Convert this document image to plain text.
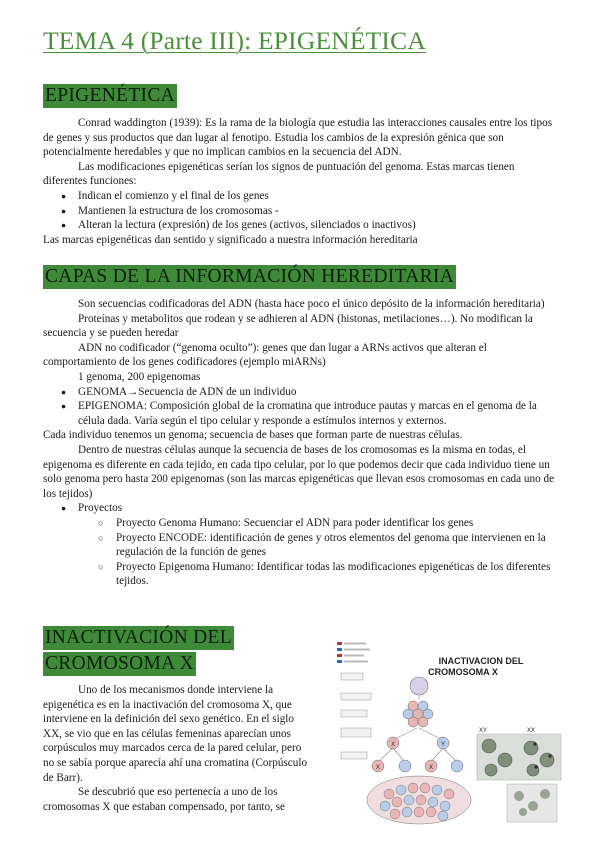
TEMA 4 (Parte III): EPIGENÉTICA
EPIGENÉTICA

Conrad waddington (1939): Es la rama de la biología que estudia las interacciones causales entre los tipos de genes y sus productos que dan lugar al fenotipo. Estudia los cambios de la expresión génica que son potencialmente heredables y que no implican cambios en la secuencia del ADN.

Las modificaciones epigenéticas serían los signos de puntuación del genoma. Estas marcas tienen diferentes funciones:

● Indican el comienzo y el final de los genes
● Mantienen la estructura de los cromosomas -
● Alteran la lectura (expresión) de los genes (activos, silenciados o inactivos)

Las marcas epigenéticas dan sentido y significado a nuestra información hereditaria

CAPAS DE LA INFORMACIÓN HEREDITARIA

Son secuencias codificadoras del ADN (hasta hace poco el único depósito de la información hereditaria)

Proteínas y metabolitos que rodean y se adhieren al ADN (histonas, metilaciones…). No modifican la secuencia y se pueden heredar

ADN no codificador (“genoma oculto”): genes que dan lugar a ARNs activos que alteran el comportamiento de los genes codificadores (ejemplo miARNs)

1 genoma, 200 epigenomas

● GENOMA→Secuencia de ADN de un individuo
● EPIGENOMA: Composición global de la cromatina que introduce pautas y marcas en el genoma de la célula dada. Varía según el tipo celular y responde a estímulos internos y externos.

Cada individuo tenemos un genoma; secuencia de bases que forman parte de nuestras células.

Dentro de nuestras células aunque la secuencia de bases de los cromosomas es la misma en todas, el epigenoma es diferente en cada tejido, en cada tipo celular, por lo que podemos decir que cada individuo tiene un solo genoma pero hasta 200 epigenomas (son las marcas epigenéticas que llevan esos cromosomas en cada uno de los tejidos)

● Proyectos
○ Proyecto Genoma Humano: Secuenciar el ADN para poder identificar los genes
○ Proyecto ENCODE: identificación de genes y otros elementos del genoma que intervienen en la regulación de la función de genes
○ Proyecto Epigenoma Humano: Identificar todas las modificaciones epigenéticas de los diferentes tejidos.
INACTIVACIÓN DEL
CROMOSOMA X

Uno de los mecanismos donde interviene la epigenética es en la inactivación del cromosoma X, que interviene en la definición del sexo genético. En el siglo XX, se vio que en las células femeninas aparecían unos corpúsculos muy marcados cerca de la pared celular, pero no se sabía porque aparecía ahí una cromatina (Corpúsculo de Barr).

Se descubrió que eso pertenecía a uno de los cromosomas X que estaban compensado, por tanto, se

INACTIVACION DEL
CROMOSOMA X
X	Y
X	X
XY	XX
